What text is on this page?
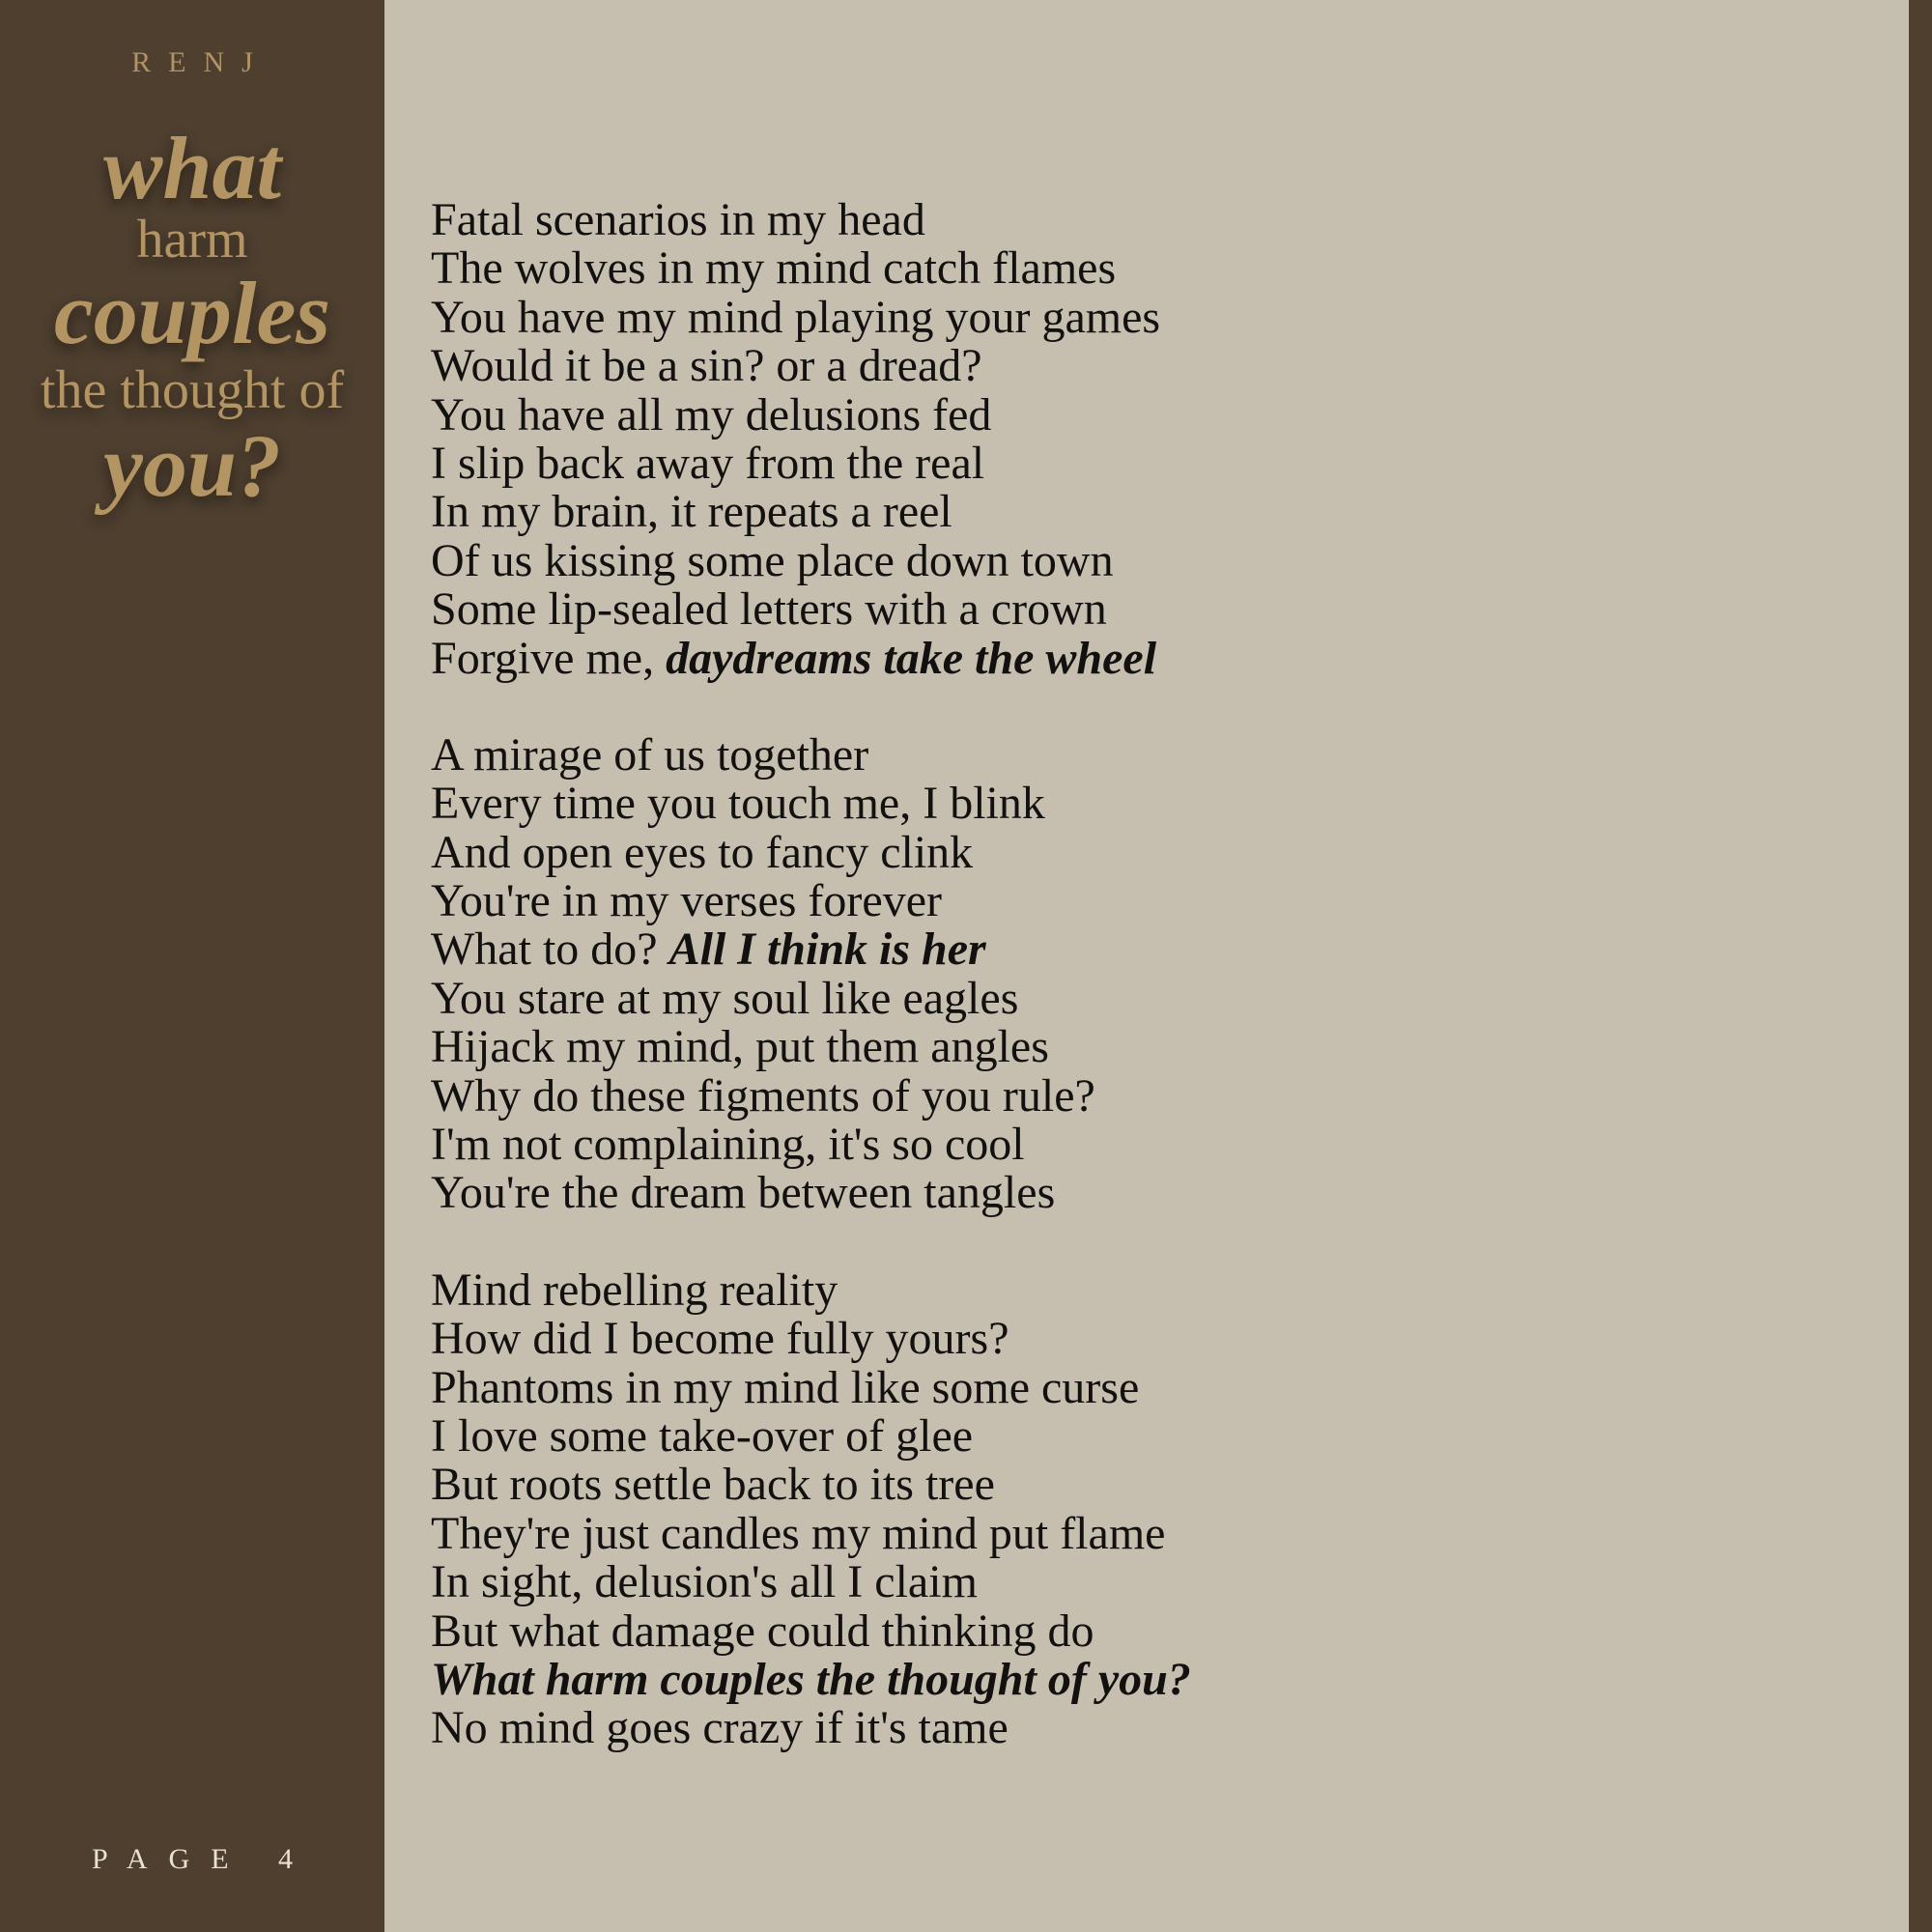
RENJ
what
harm
couples
the thought of
you?
PAGE 4
Fatal scenarios in my head
The wolves in my mind catch flames
You have my mind playing your games
Would it be a sin? or a dread?
You have all my delusions fed
I slip back away from the real
In my brain, it repeats a reel
Of us kissing some place down town
Some lip-sealed letters with a crown
Forgive me, daydreams take the wheel
A mirage of us together
Every time you touch me, I blink
And open eyes to fancy clink
You're in my verses forever
What to do? All I think is her
You stare at my soul like eagles
Hijack my mind, put them angles
Why do these figments of you rule?
I'm not complaining, it's so cool
You're the dream between tangles
Mind rebelling reality
How did I become fully yours?
Phantoms in my mind like some curse
I love some take-over of glee
But roots settle back to its tree
They're just candles my mind put flame
In sight, delusion's all I claim
But what damage could thinking do
What harm couples the thought of you?
No mind goes crazy if it's tame
